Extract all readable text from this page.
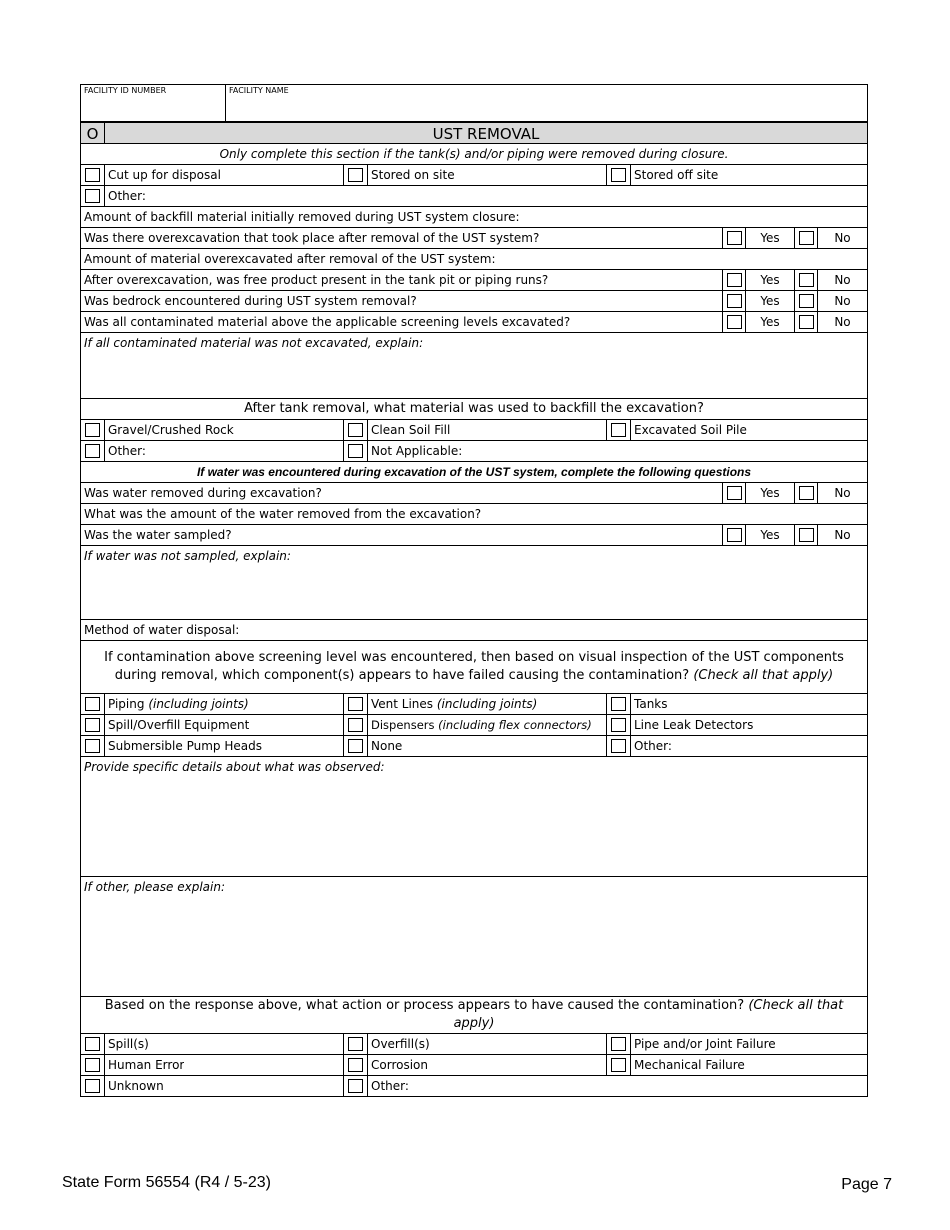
FACILITY ID NUMBER	FACILITY NAME
O	UST REMOVAL
Only complete this section if the tank(s) and/or piping were removed during closure.
Cut up for disposal	Stored on site	Stored off site
Other:
Amount of backfill material initially removed during UST system closure:
Was there overexcavation that took place after removal of the UST system?	Yes	No
Amount of material overexcavated after removal of the UST system:
After overexcavation, was free product present in the tank pit or piping runs?	Yes	No
Was bedrock encountered during UST system removal?	Yes	No
Was all contaminated material above the applicable screening levels excavated?	Yes	No
If all contaminated material was not excavated, explain:
After tank removal, what material was used to backfill the excavation?
Gravel/Crushed Rock	Clean Soil Fill	Excavated Soil Pile
Other:	Not Applicable:
If water was encountered during excavation of the UST system, complete the following questions
Was water removed during excavation?	Yes	No
What was the amount of the water removed from the excavation?
Was the water sampled?	Yes	No
If water was not sampled, explain:
Method of water disposal:
If contamination above screening level was encountered, then based on visual inspection of the UST components during removal, which component(s) appears to have failed causing the contamination? (Check all that apply)
Piping (including joints)	Vent Lines (including joints)	Tanks
Spill/Overfill Equipment	Dispensers (including flex connectors)	Line Leak Detectors
Submersible Pump Heads	None	Other:
Provide specific details about what was observed:
If other, please explain:
Based on the response above, what action or process appears to have caused the contamination? (Check all that apply)
Spill(s)	Overfill(s)	Pipe and/or Joint Failure
Human Error	Corrosion	Mechanical Failure
Unknown	Other:
State Form 56554 (R4 / 5-23)	Page 7
